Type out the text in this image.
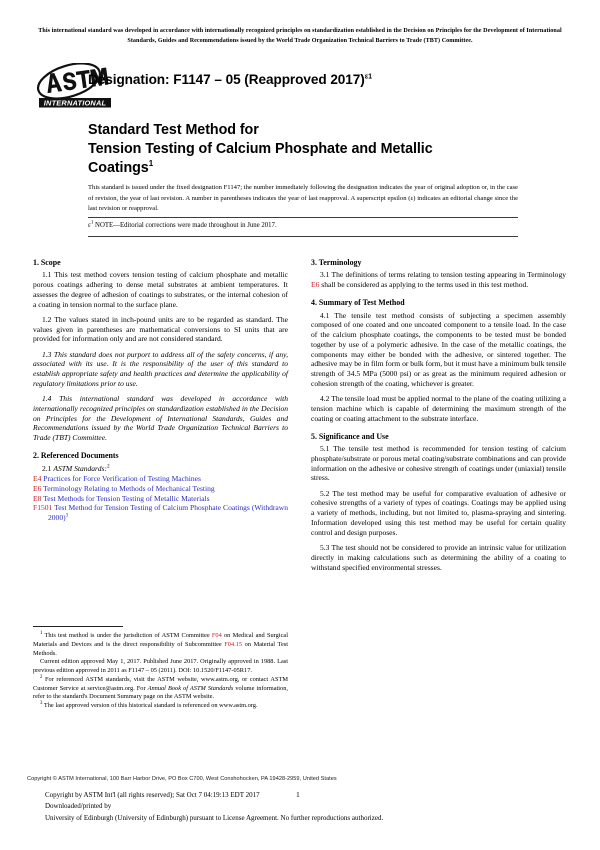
This international standard was developed in accordance with internationally recognized principles on standardization established in the Decision on Principles for the Development of International Standards, Guides and Recommendations issued by the World Trade Organization Technical Barriers to Trade (TBT) Committee.
INTERNATIONAL
Designation: F1147 – 05 (Reapproved 2017)$^{\varepsilon 1}$
Standard Test Method for
Tension Testing of Calcium Phosphate and Metallic
Coatings$^1$
This standard is issued under the fixed designation F1147; the number immediately following the designation indicates the year of original adoption or, in the case of revision, the year of last revision. A number in parentheses indicates the year of last reapproval. A superscript epsilon (ε) indicates an editorial change since the last revision or reapproval.
$\varepsilon^1$ NOTE—Editorial corrections were made throughout in June 2017.
1. Scope

1.1 This test method covers tension testing of calcium phosphate and metallic porous coatings adhering to dense metal substrates at ambient temperatures. It assesses the degree of adhesion of coatings to substrates, or the internal cohesion of a coating in tension normal to the surface plane.

1.2 The values stated in inch-pound units are to be regarded as standard. The values given in parentheses are mathematical conversions to SI units that are provided for information only and are not considered standard.

1.3 This standard does not purport to address all of the safety concerns, if any, associated with its use. It is the responsibility of the user of this standard to establish appropriate safety and health practices and determine the applicability of regulatory limitations prior to use.

1.4 This international standard was developed in accordance with internationally recognized principles on standardization established in the Decision on Principles for the Development of International Standards, Guides and Recommendations issued by the World Trade Organization Technical Barriers to Trade (TBT) Committee.

2. Referenced Documents

2.1 ASTM Standards:$^2$

E4 Practices for Force Verification of Testing Machines

E6 Terminology Relating to Methods of Mechanical Testing

E8 Test Methods for Tension Testing of Metallic Materials

F1501 Test Method for Tension Testing of Calcium Phosphate Coatings (Withdrawn 2000)$^3$

3. Terminology

3.1 The definitions of terms relating to tension testing appearing in Terminology E6 shall be considered as applying to the terms used in this test method.

4. Summary of Test Method

4.1 The tensile test method consists of subjecting a specimen assembly composed of one coated and one uncoated component to a tensile load. In the case of the calcium phosphate coatings, the components to be tested must be bonded together by use of a polymeric adhesive. In the case of the metallic coatings, the components may either be bonded with the adhesive, or sintered together. The adhesive may be in film form or bulk form, but it must have a minimum bulk tensile strength of 34.5 MPa (5000 psi) or as great as the minimum required adhesion or cohesion strength of the coating, whichever is greater.

4.2 The tensile load must be applied normal to the plane of the coating utilizing a tension machine which is capable of determining the maximum strength of the coating or coating attachment to the substrate interface.

5. Significance and Use

5.1 The tensile test method is recommended for tension testing of calcium phosphate/substrate or porous metal coating/substrate combinations and can provide information on the adhesive or cohesive strength of coatings under (uniaxial) tensile stress.

5.2 The test method may be useful for comparative evaluation of adhesive or cohesive strengths of a variety of types of coatings. Coatings may be applied using a variety of methods, including, but not limited to, plasma-spraying and sintering. Information developed using this test method may be useful for certain quality control and design purposes.

5.3 The test should not be considered to provide an intrinsic value for utilization directly in making calculations such as determining the ability of a coating to withstand specified environmental stresses.

$^1$ This test method is under the jurisdiction of ASTM Committee F04 on Medical and Surgical Materials and Devices and is the direct responsibility of Subcommittee F04.15 on Material Test Methods.

Current edition approved May 1, 2017. Published June 2017. Originally approved in 1988. Last previous edition approved in 2011 as F1147 – 05 (2011). DOI: 10.1520/F1147-05R17.

$^2$ For referenced ASTM standards, visit the ASTM website, www.astm.org, or contact ASTM Customer Service at service@astm.org. For Annual Book of ASTM Standards volume information, refer to the standard's Document Summary page on the ASTM website.

$^3$ The last approved version of this historical standard is referenced on www.astm.org.

Copyright © ASTM International, 100 Barr Harbor Drive, PO Box C700, West Conshohocken, PA 19428-2959, United States
Copyright by ASTM Int'l (all rights reserved); Sat Oct 7 04:19:13 EDT 2017
Downloaded/printed by
University of Edinburgh (University of Edinburgh) pursuant to License Agreement. No further reproductions authorized.
1
